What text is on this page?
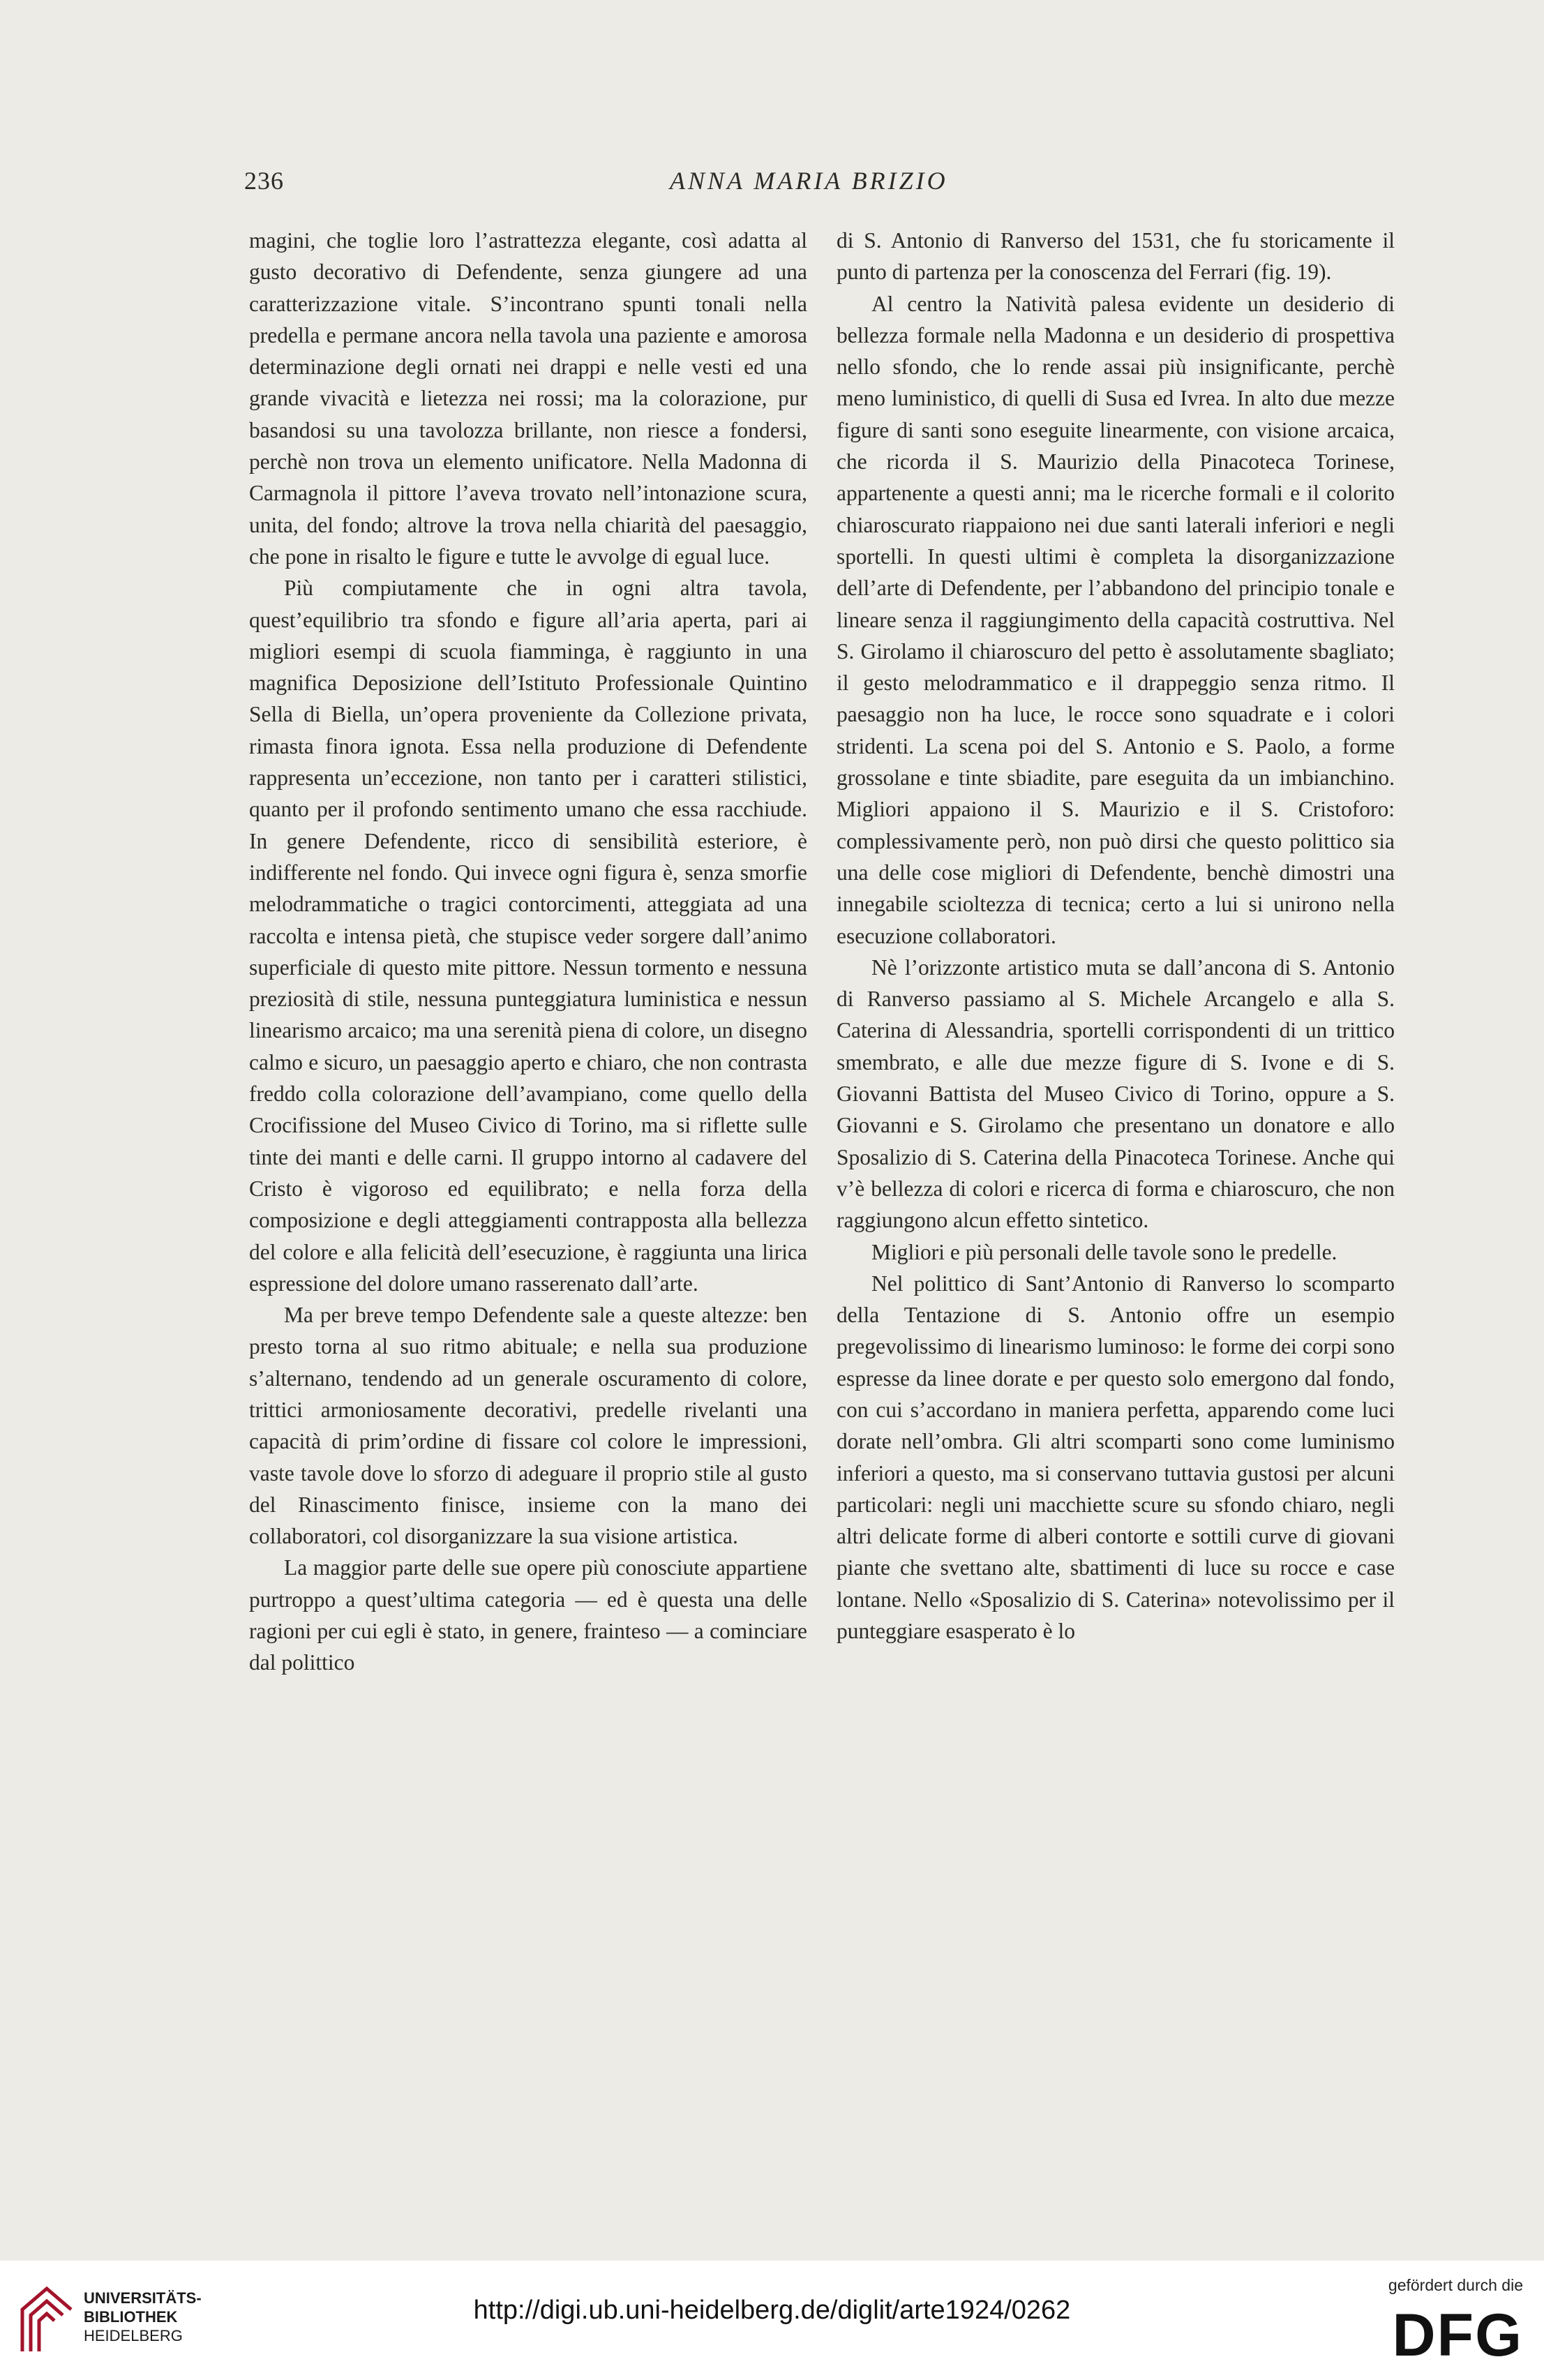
236	ANNA MARIA BRIZIO

magini, che toglie loro l’astrattezza elegante, così adatta al gusto decorativo di Defendente, senza giungere ad una caratterizzazione vitale. S’incontrano spunti tonali nella predella e permane ancora nella tavola una paziente e amorosa determinazione degli ornati nei drappi e nelle vesti ed una grande vivacità e lietezza nei rossi; ma la colorazione, pur basandosi su una tavolozza brillante, non riesce a fondersi, perchè non trova un elemento unificatore. Nella Madonna di Carmagnola il pittore l’aveva trovato nell’intonazione scura, unita, del fondo; altrove la trova nella chiarità del paesaggio, che pone in risalto le figure e tutte le avvolge di egual luce.

Più compiutamente che in ogni altra tavola, quest’equilibrio tra sfondo e figure all’aria aperta, pari ai migliori esempi di scuola fiamminga, è raggiunto in una magnifica Deposizione dell’Istituto Professionale Quintino Sella di Biella, un’opera proveniente da Collezione privata, rimasta finora ignota. Essa nella produzione di Defendente rappresenta un’eccezione, non tanto per i caratteri stilistici, quanto per il profondo sentimento umano che essa racchiude. In genere Defendente, ricco di sensibilità esteriore, è indifferente nel fondo. Qui invece ogni figura è, senza smorfie melodrammatiche o tragici contorcimenti, atteggiata ad una raccolta e intensa pietà, che stupisce veder sorgere dall’animo superficiale di questo mite pittore. Nessun tormento e nessuna preziosità di stile, nessuna punteggiatura luministica e nessun linearismo arcaico; ma una serenità piena di colore, un disegno calmo e sicuro, un paesaggio aperto e chiaro, che non contrasta freddo colla colorazione dell’avampiano, come quello della Crocifissione del Museo Civico di Torino, ma si riflette sulle tinte dei manti e delle carni. Il gruppo intorno al cadavere del Cristo è vigoroso ed equilibrato; e nella forza della composizione e degli atteggiamenti contrapposta alla bellezza del colore e alla felicità dell’esecuzione, è raggiunta una lirica espressione del dolore umano rasserenato dall’arte.

Ma per breve tempo Defendente sale a queste altezze: ben presto torna al suo ritmo abituale; e nella sua produzione s’alternano, tendendo ad un generale oscuramento di colore, trittici armoniosamente decorativi, predelle rivelanti una capacità di prim’ordine di fissare col colore le impressioni, vaste tavole dove lo sforzo di adeguare il proprio stile al gusto del Rinascimento finisce, insieme con la mano dei collaboratori, col disorganizzare la sua visione artistica.

La maggior parte delle sue opere più conosciute appartiene purtroppo a quest’ultima categoria — ed è questa una delle ragioni per cui egli è stato, in genere, frainteso — a cominciare dal polittico

di S. Antonio di Ranverso del 1531, che fu storicamente il punto di partenza per la conoscenza del Ferrari (fig. 19).

Al centro la Natività palesa evidente un desiderio di bellezza formale nella Madonna e un desiderio di prospettiva nello sfondo, che lo rende assai più insignificante, perchè meno luministico, di quelli di Susa ed Ivrea. In alto due mezze figure di santi sono eseguite linearmente, con visione arcaica, che ricorda il S. Maurizio della Pinacoteca Torinese, appartenente a questi anni; ma le ricerche formali e il colorito chiaroscurato riappaiono nei due santi laterali inferiori e negli sportelli. In questi ultimi è completa la disorganizzazione dell’arte di Defendente, per l’abbandono del principio tonale e lineare senza il raggiungimento della capacità costruttiva. Nel S. Girolamo il chiaroscuro del petto è assolutamente sbagliato; il gesto melodrammatico e il drappeggio senza ritmo. Il paesaggio non ha luce, le rocce sono squadrate e i colori stridenti. La scena poi del S. Antonio e S. Paolo, a forme grossolane e tinte sbiadite, pare eseguita da un imbianchino. Migliori appaiono il S. Maurizio e il S. Cristoforo: complessivamente però, non può dirsi che questo polittico sia una delle cose migliori di Defendente, benchè dimostri una innegabile scioltezza di tecnica; certo a lui si unirono nella esecuzione collaboratori.

Nè l’orizzonte artistico muta se dall’ancona di S. Antonio di Ranverso passiamo al S. Michele Arcangelo e alla S. Caterina di Alessandria, sportelli corrispondenti di un trittico smembrato, e alle due mezze figure di S. Ivone e di S. Giovanni Battista del Museo Civico di Torino, oppure a S. Giovanni e S. Girolamo che presentano un donatore e allo Sposalizio di S. Caterina della Pinacoteca Torinese. Anche qui v’è bellezza di colori e ricerca di forma e chiaroscuro, che non raggiungono alcun effetto sintetico.

Migliori e più personali delle tavole sono le predelle.

Nel polittico di Sant’Antonio di Ranverso lo scomparto della Tentazione di S. Antonio offre un esempio pregevolissimo di linearismo luminoso: le forme dei corpi sono espresse da linee dorate e per questo solo emergono dal fondo, con cui s’accordano in maniera perfetta, apparendo come luci dorate nell’ombra. Gli altri scomparti sono come luminismo inferiori a questo, ma si conservano tuttavia gustosi per alcuni particolari: negli uni macchiette scure su sfondo chiaro, negli altri delicate forme di alberi contorte e sottili curve di giovani piante che svettano alte, sbattimenti di luce su rocce e case lontane. Nello «Sposalizio di S. Caterina» notevolissimo per il punteggiare esasperato è lo

UNIVERSITÄTS-
BIBLIOTHEK
HEIDELBERG
http://digi.ub.uni-heidelberg.de/diglit/arte1924/0262
gefördert durch die
DFG
